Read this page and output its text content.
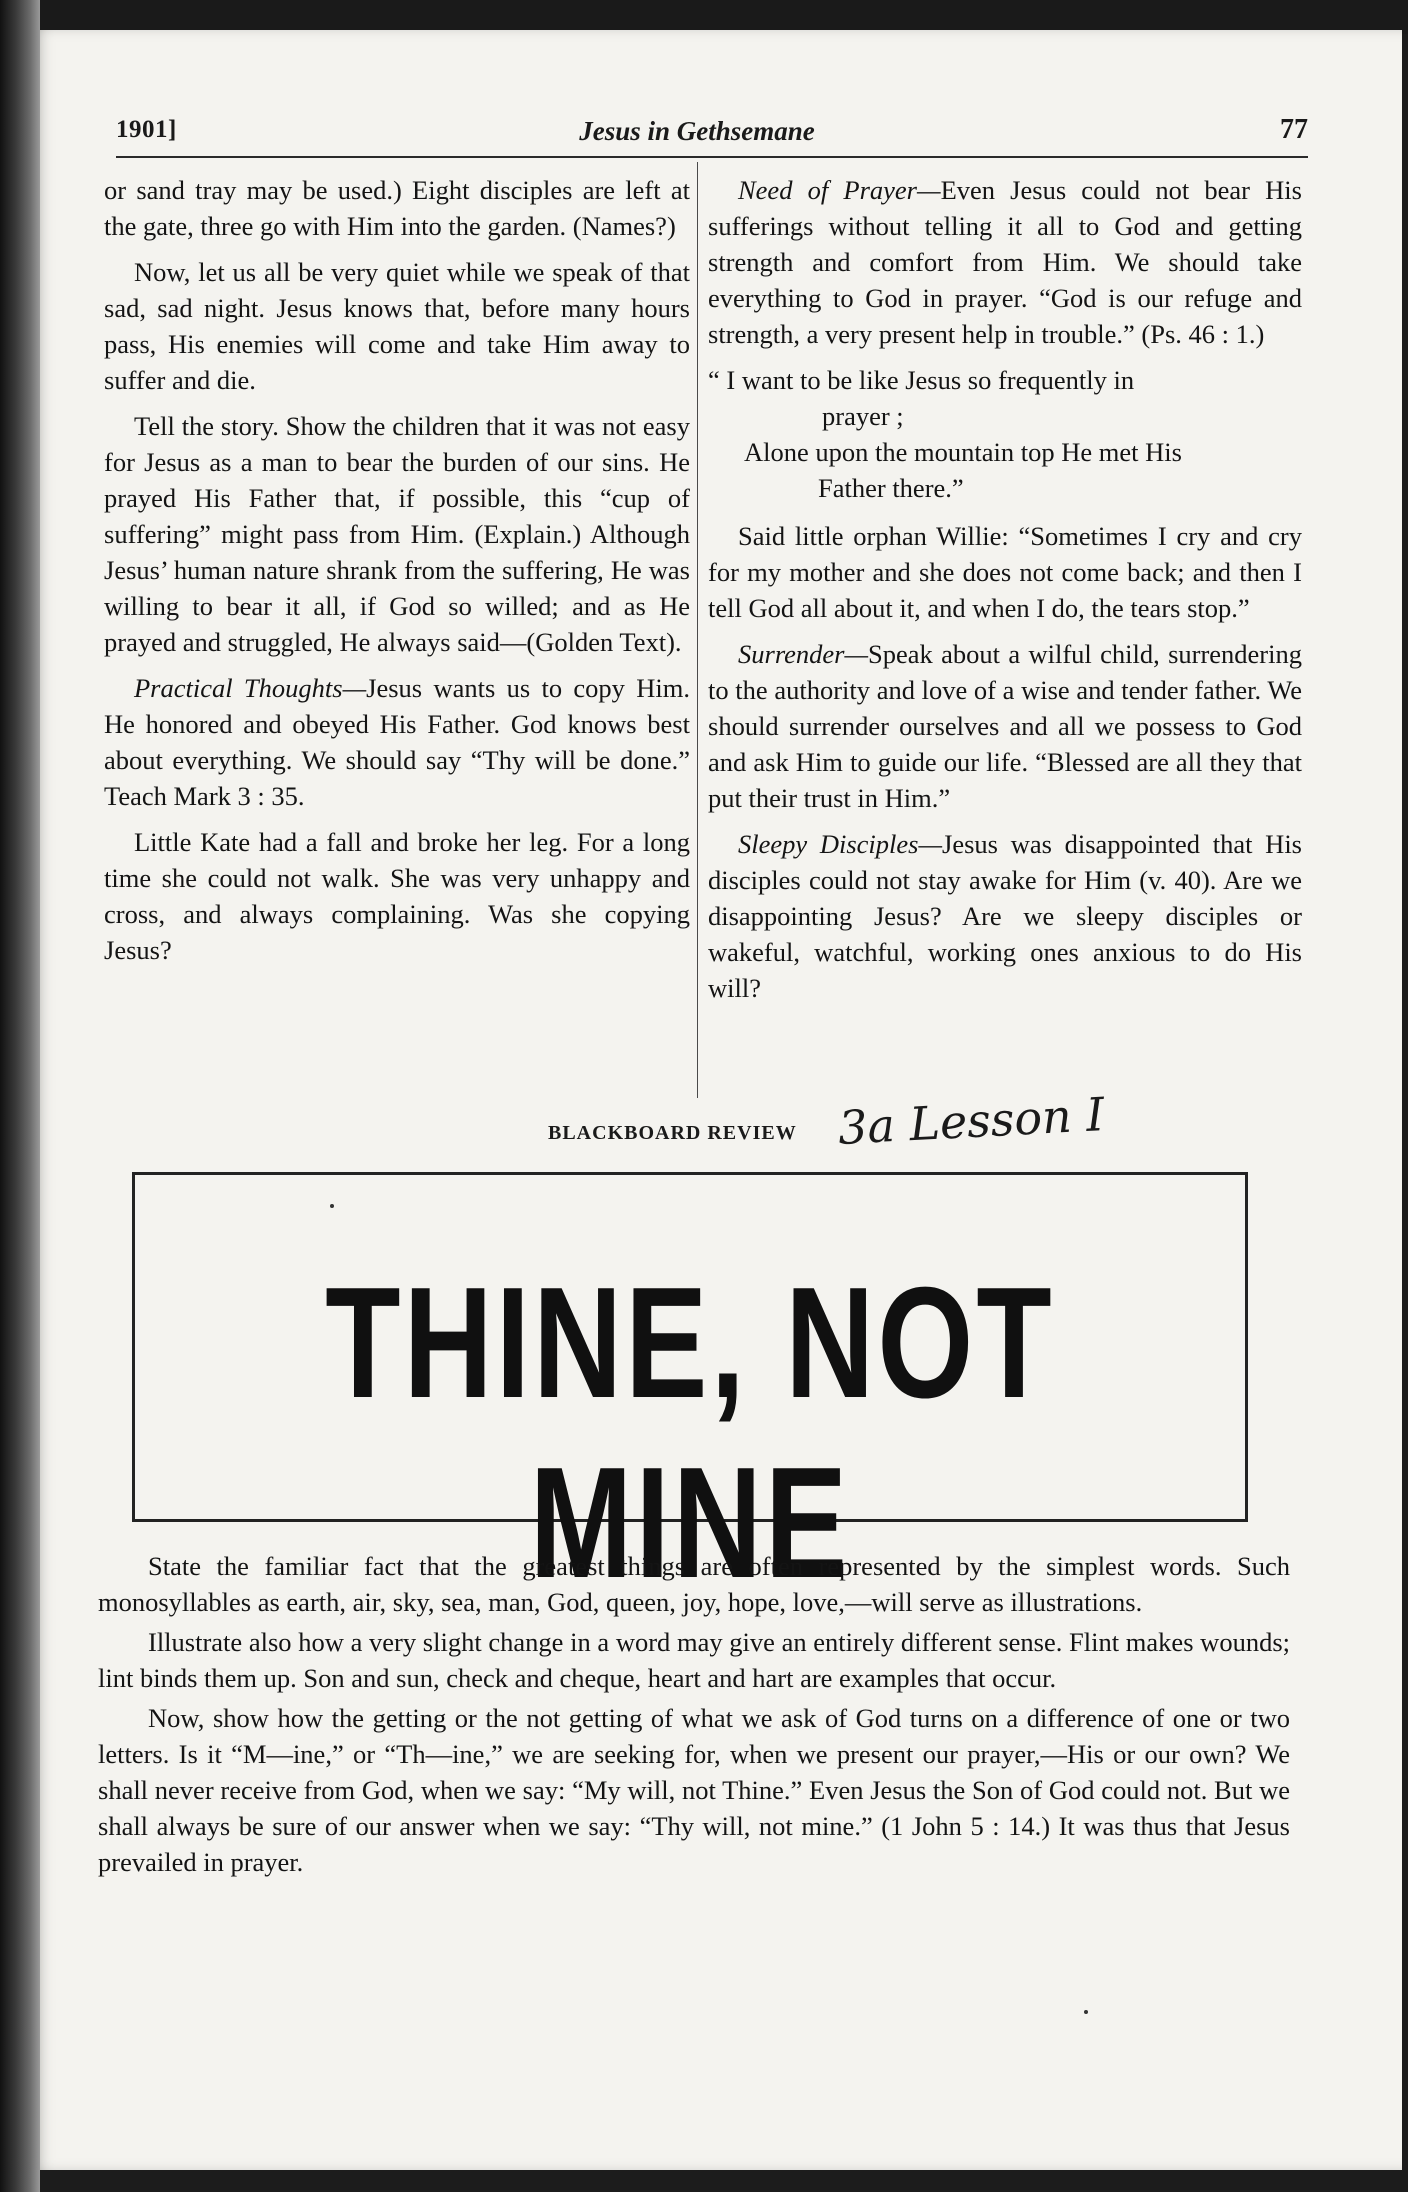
1901]	Jesus in Gethsemane	77

or sand tray may be used.) Eight disciples are left at the gate, three go with Him into the garden. (Names?)

Now, let us all be very quiet while we speak of that sad, sad night. Jesus knows that, before many hours pass, His enemies will come and take Him away to suffer and die.

Tell the story. Show the children that it was not easy for Jesus as a man to bear the burden of our sins. He prayed His Father that, if possible, this “cup of suffering” might pass from Him. (Explain.) Although Jesus’ human nature shrank from the suffering, He was willing to bear it all, if God so willed; and as He prayed and struggled, He always said—(Golden Text).

Practical Thoughts—Jesus wants us to copy Him. He honored and obeyed His Father. God knows best about everything. We should say “Thy will be done.” Teach Mark 3 : 35.

Little Kate had a fall and broke her leg. For a long time she could not walk. She was very unhappy and cross, and always complaining. Was she copying Jesus?

Need of Prayer—Even Jesus could not bear His sufferings without telling it all to God and getting strength and comfort from Him. We should take everything to God in prayer. “God is our refuge and strength, a very present help in trouble.” (Ps. 46 : 1.)

“ I want to be like Jesus so frequently in
prayer ;
Alone upon the mountain top He met His
Father there.”

Said little orphan Willie: “Sometimes I cry and cry for my mother and she does not come back; and then I tell God all about it, and when I do, the tears stop.”

Surrender—Speak about a wilful child, surrendering to the authority and love of a wise and tender father. We should surrender ourselves and all we possess to God and ask Him to guide our life. “Blessed are all they that put their trust in Him.”

Sleepy Disciples—Jesus was disappointed that His disciples could not stay awake for Him (v. 40). Are we disappointing Jesus? Are we sleepy disciples or wakeful, watchful, working ones anxious to do His will?

BLACKBOARD REVIEW 3a Lesson I
THINE, NOT MINE

State the familiar fact that the greatest things are often represented by the simplest words. Such monosyllables as earth, air, sky, sea, man, God, queen, joy, hope, love,—will serve as illustrations.

Illustrate also how a very slight change in a word may give an entirely different sense. Flint makes wounds; lint binds them up. Son and sun, check and cheque, heart and hart are examples that occur.

Now, show how the getting or the not getting of what we ask of God turns on a difference of one or two letters. Is it “M—ine,” or “Th—ine,” we are seeking for, when we present our prayer,—His or our own? We shall never receive from God, when we say: “My will, not Thine.” Even Jesus the Son of God could not. But we shall always be sure of our answer when we say: “Thy will, not mine.” (1 John 5 : 14.) It was thus that Jesus prevailed in prayer.
